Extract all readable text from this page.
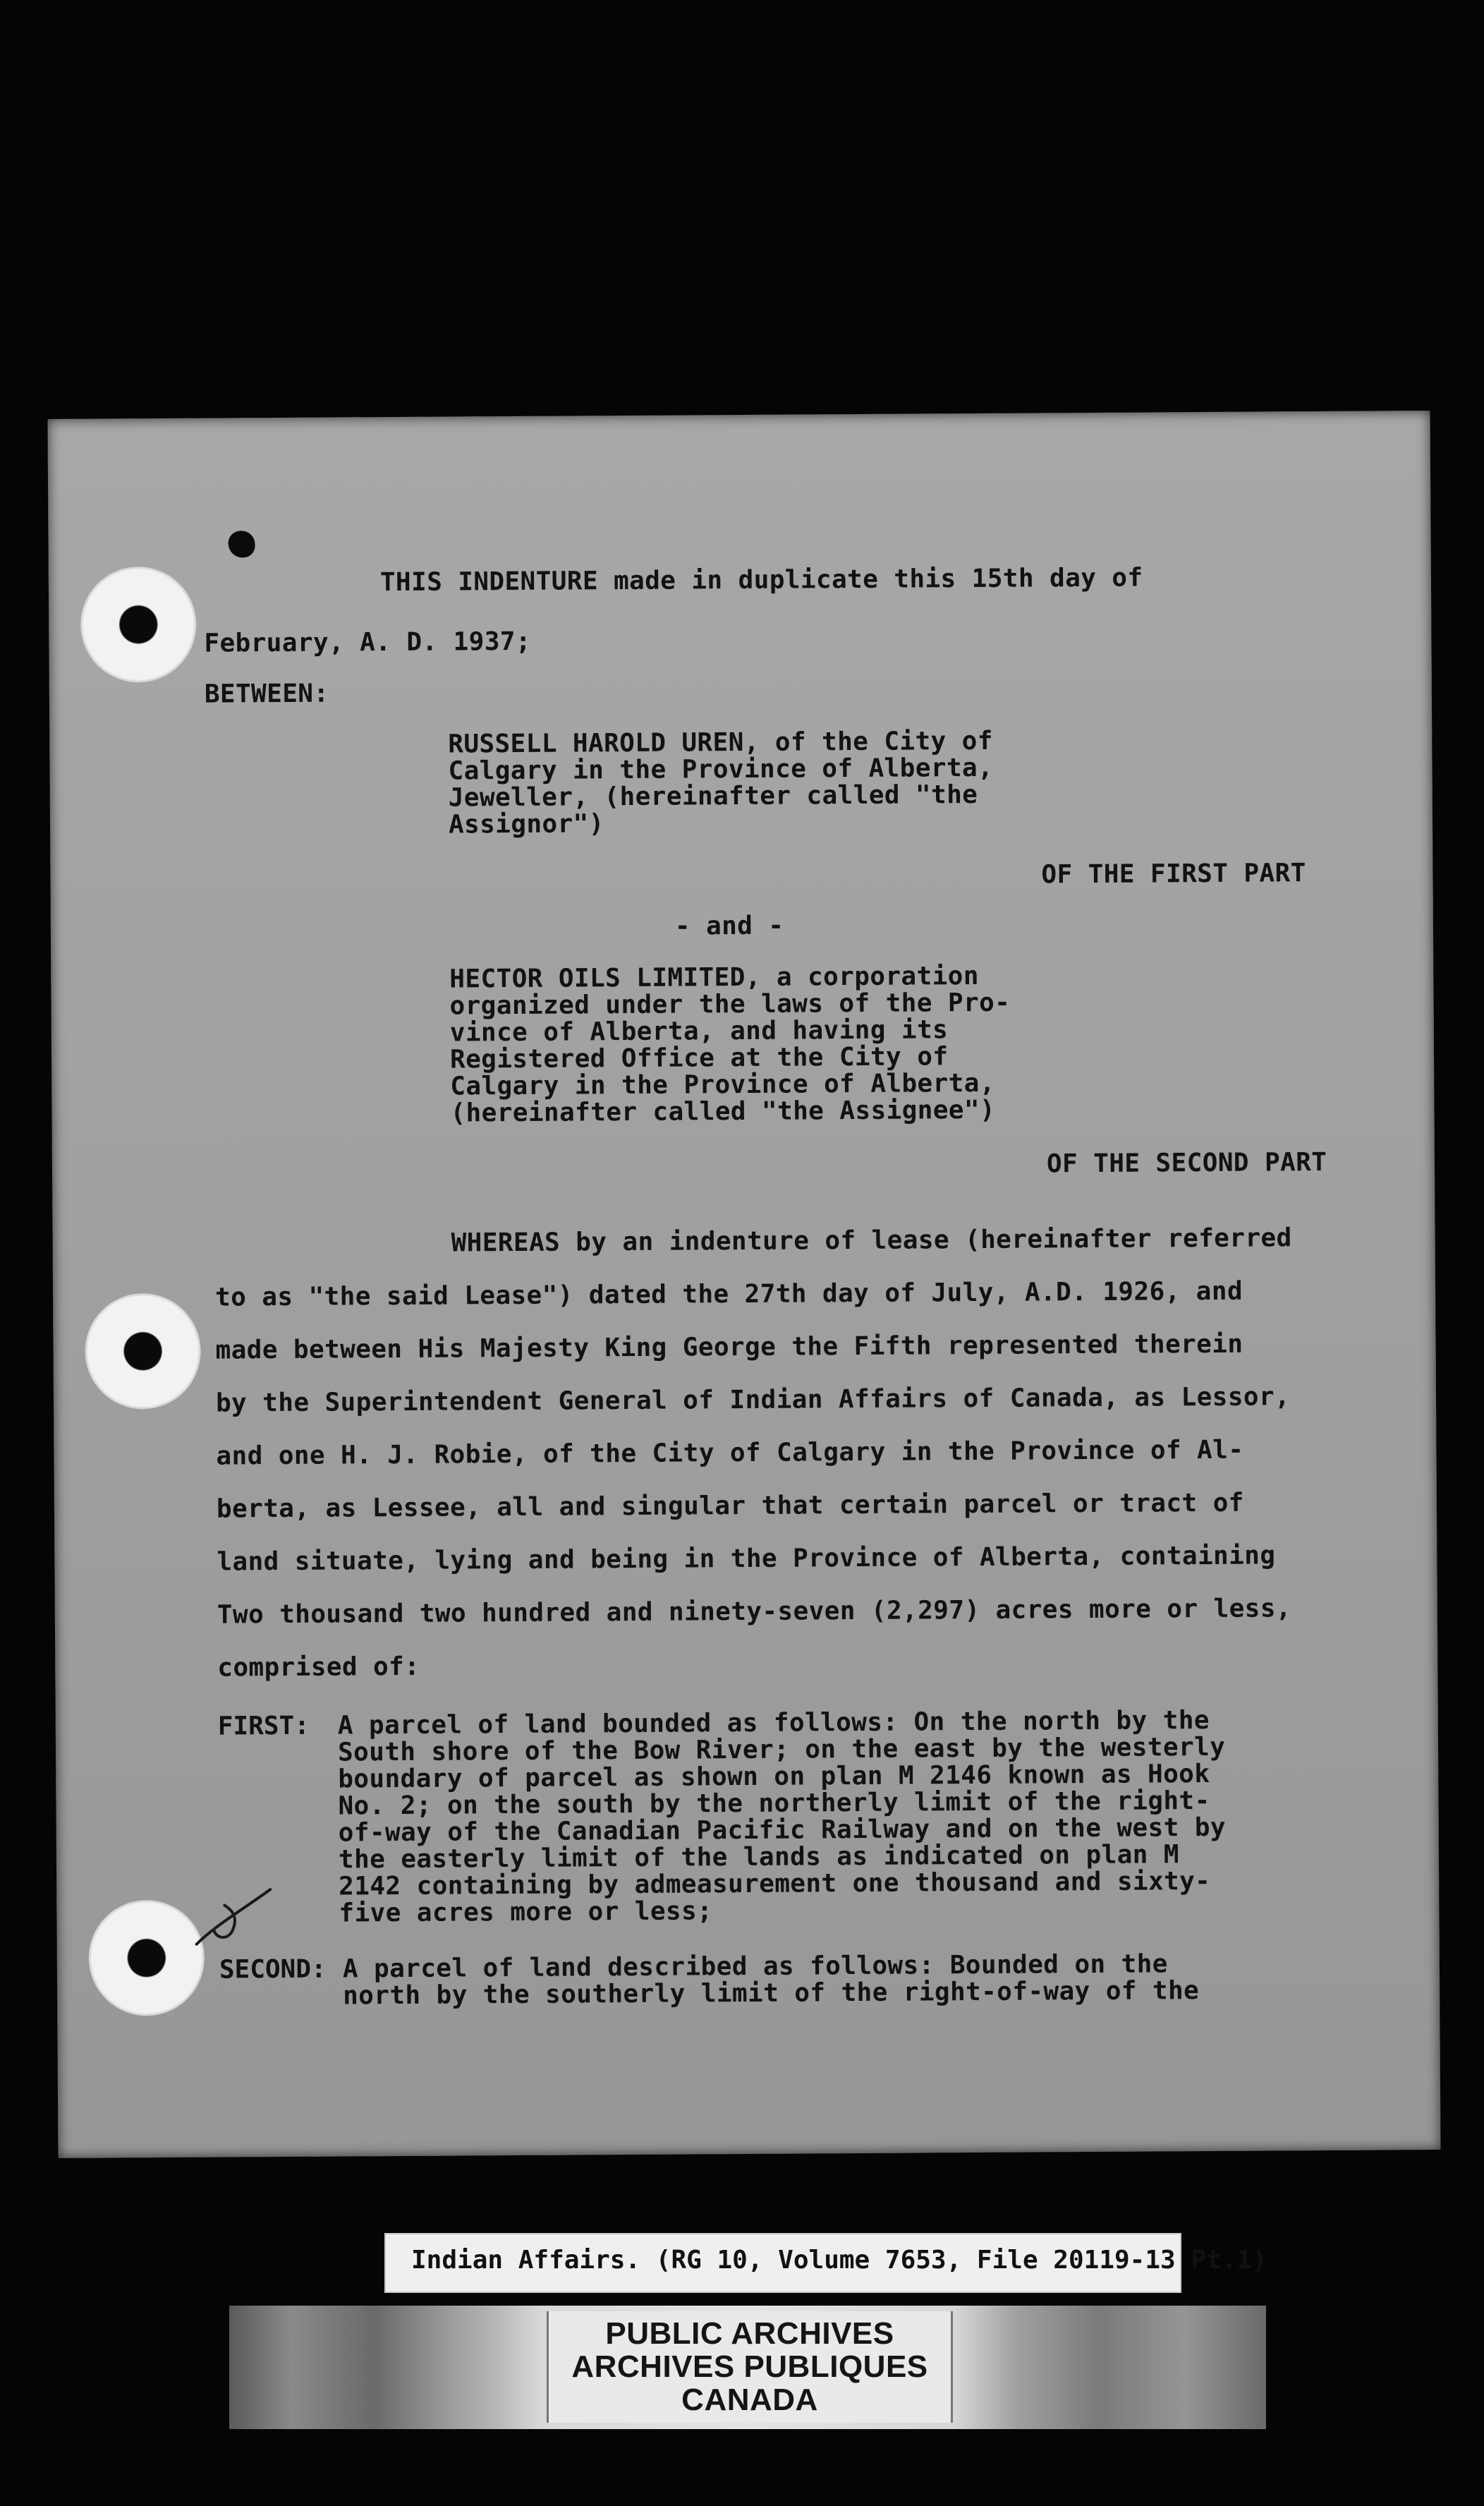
THIS INDENTURE made in duplicate this 15th day of

February, A. D. 1937;

BETWEEN:

RUSSELL HAROLD UREN, of the City of

Calgary in the Province of Alberta,

Jeweller, (hereinafter called "the

Assignor")

OF THE FIRST PART

- and -

HECTOR OILS LIMITED, a corporation

organized under the laws of the Pro-

vince of Alberta, and having its

Registered Office at the City of

Calgary in the Province of Alberta,

(hereinafter called "the Assignee")

OF THE SECOND PART

WHEREAS by an indenture of lease (hereinafter referred

to as "the said Lease") dated the 27th day of July, A.D. 1926, and

made between His Majesty King George the Fifth represented therein

by the Superintendent General of Indian Affairs of Canada, as Lessor,

and one H. J. Robie, of the City of Calgary in the Province of Al-

berta, as Lessee, all and singular that certain parcel or tract of

land situate, lying and being in the Province of Alberta, containing

Two thousand two hundred and ninety-seven (2,297) acres more or less,

comprised of:

FIRST: A parcel of land bounded as follows: On the north by the

South shore of the Bow River; on the east by the westerly

boundary of parcel as shown on plan M 2146 known as Hook

No. 2; on the south by the northerly limit of the right-

of-way of the Canadian Pacific Railway and on the west by

the easterly limit of the lands as indicated on plan M

2142 containing by admeasurement one thousand and sixty-

five acres more or less;

SECOND: A parcel of land described as follows: Bounded on the

north by the southerly limit of the right-of-way of the

Indian Affairs. (RG 10, Volume 7653, File 20119-13 Pt.1)

PUBLIC ARCHIVES

ARCHIVES PUBLIQUES

CANADA
